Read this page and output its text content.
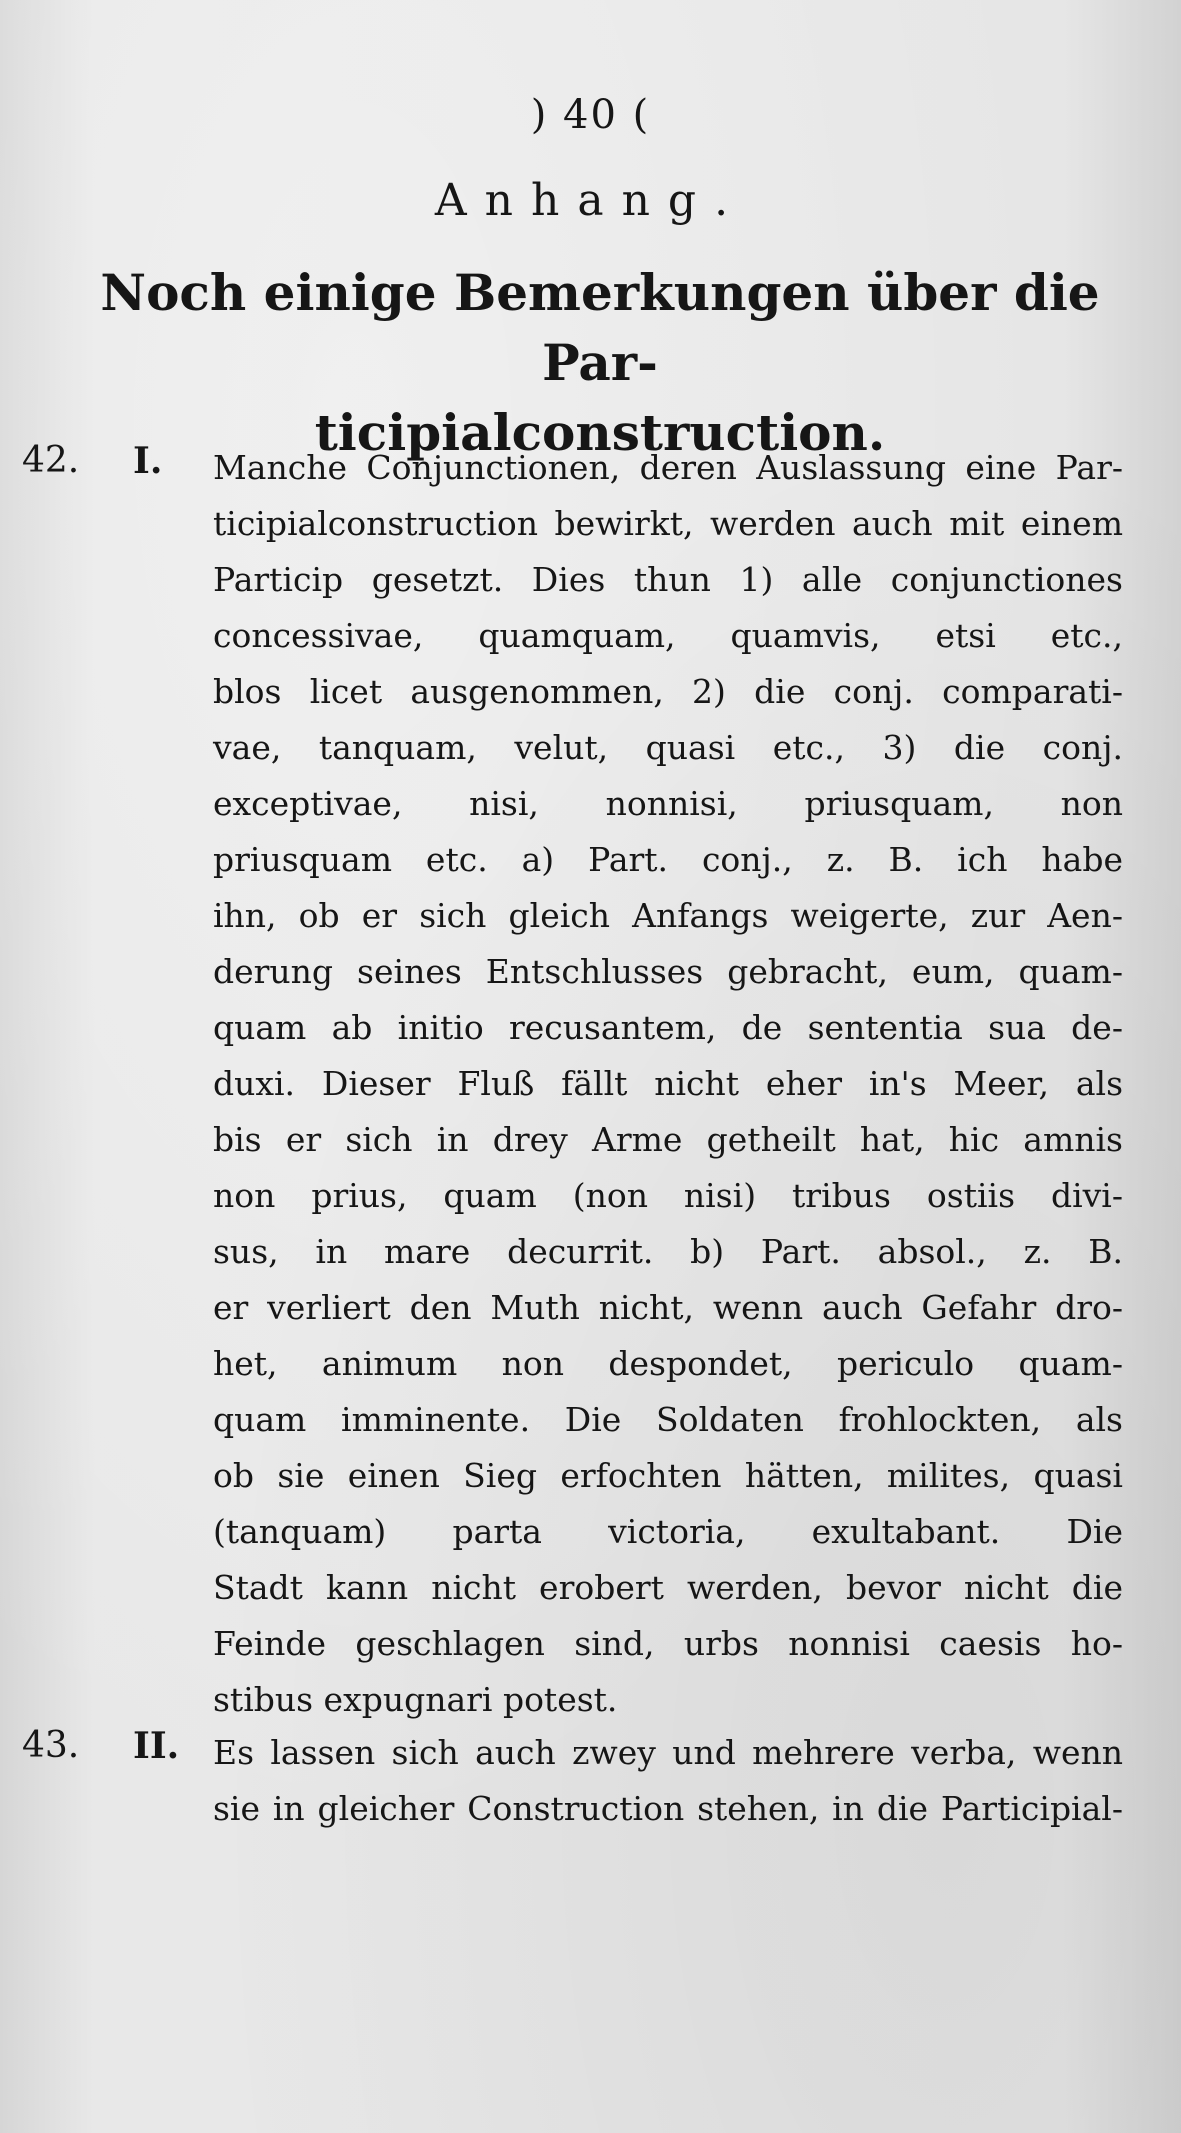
) 40 (
Anhang.
Noch einige Bemerkungen über die Par-
ticipialconstruction.
42. I. Manche Conjunctionen, deren Auslassung eine Par-
ticipialconstruction bewirkt, werden auch mit einem
Particip gesetzt. Dies thun 1) alle conjunctiones
concessivae, quamquam, quamvis, etsi etc.,
blos licet ausgenommen, 2) die conj. comparati-
vae, tanquam, velut, quasi etc., 3) die conj.
exceptivae, nisi, nonnisi, priusquam, non
priusquam etc. a) Part. conj., z. B. ich habe
ihn, ob er sich gleich Anfangs weigerte, zur Aen-
derung seines Entschlusses gebracht, eum, quam-
quam ab initio recusantem, de sententia sua de-
duxi. Dieser Fluß fällt nicht eher in's Meer, als
bis er sich in drey Arme getheilt hat, hic amnis
non prius, quam (non nisi) tribus ostiis divi-
sus, in mare decurrit. b) Part. absol., z. B.
er verliert den Muth nicht, wenn auch Gefahr dro-
het, animum non despondet, periculo quam-
quam imminente. Die Soldaten frohlockten, als
ob sie einen Sieg erfochten hätten, milites, quasi
(tanquam) parta victoria, exultabant. Die
Stadt kann nicht erobert werden, bevor nicht die
Feinde geschlagen sind, urbs nonnisi caesis ho-
stibus expugnari potest.
43. II. Es lassen sich auch zwey und mehrere verba, wenn
sie in gleicher Construction stehen, in die Participial-
